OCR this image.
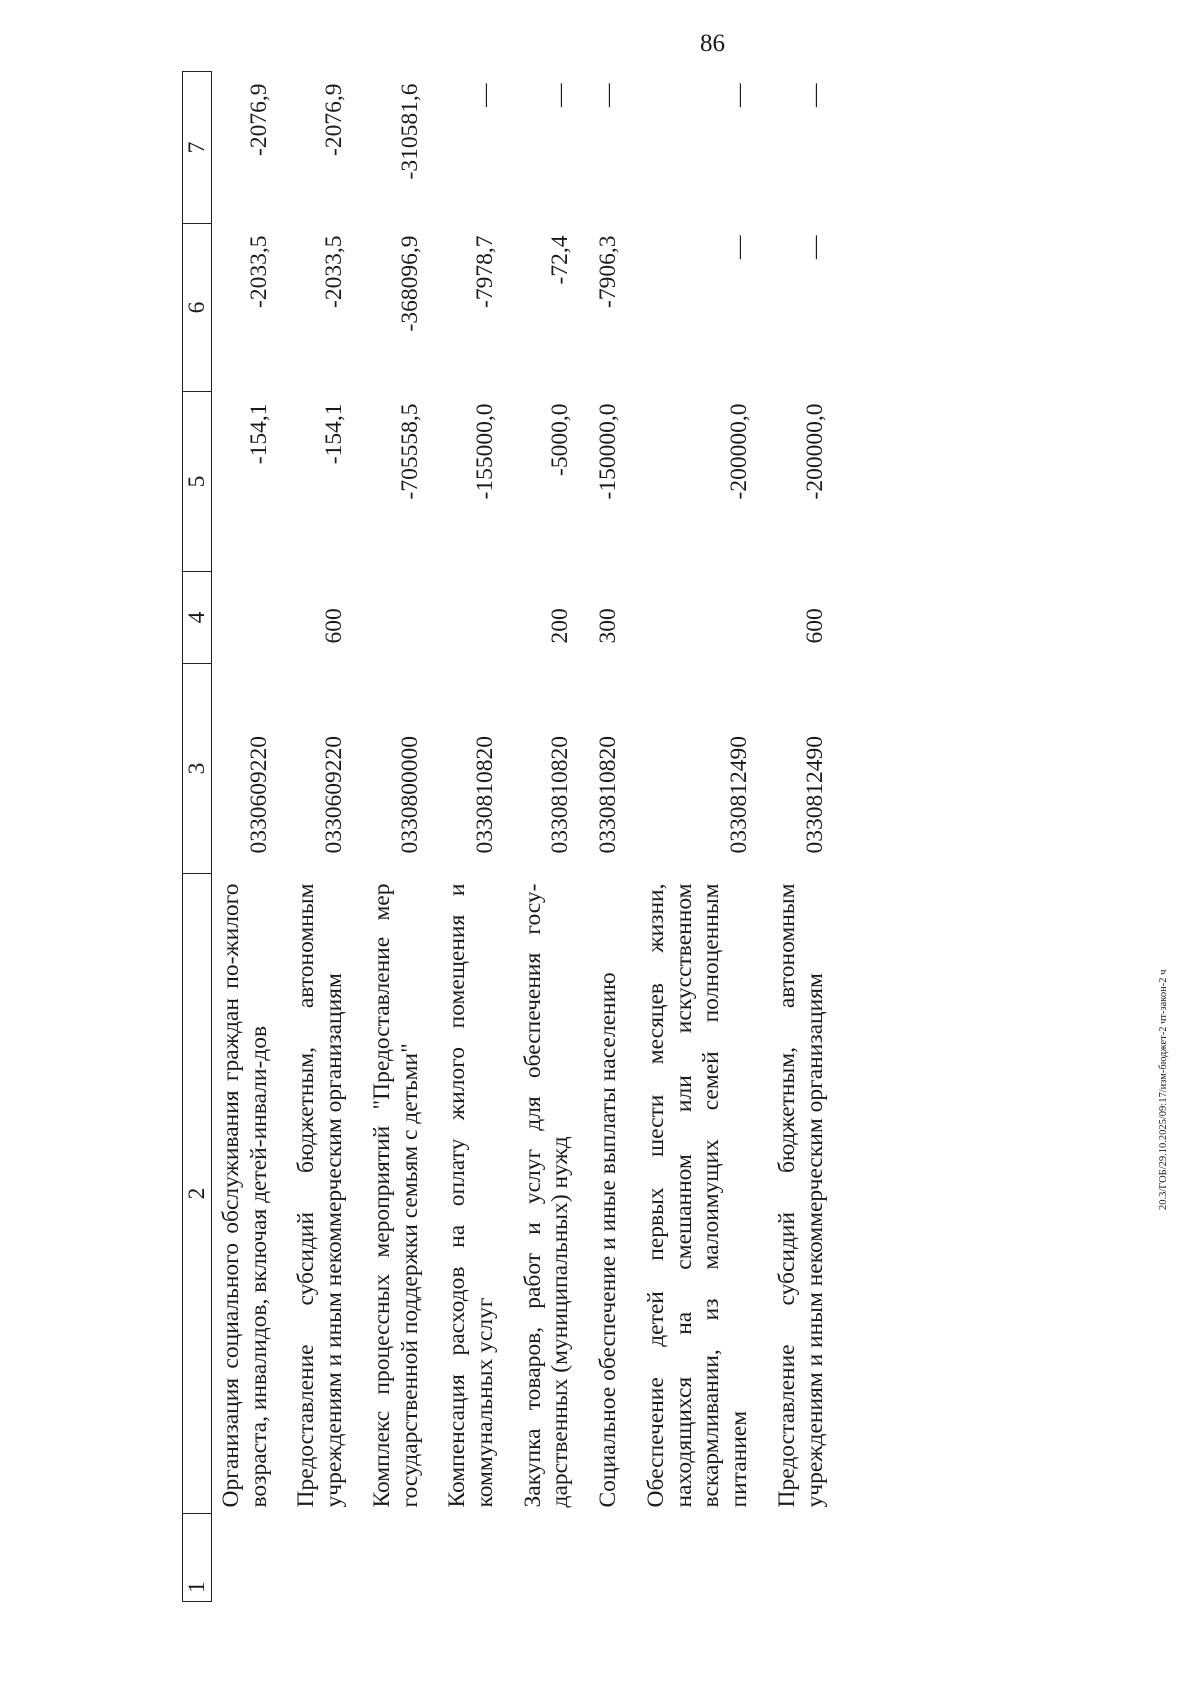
86
20.3/ГОБ/29.10.2025/09:17/изм-бюджет-2 чт-закон-2 ч
1	2	3	4	5	6	7
	Организация социального обслуживания граждан по-жилого возраста, инвалидов, включая детей-инвали-дов	0330609220		-154,1	-2033,5	-2076,9
	Предоставление субсидий бюджетным, автономным учреждениям и иным некоммерческим организациям	0330609220	600	-154,1	-2033,5	-2076,9
	Комплекс процессных мероприятий "Предоставление мер государственной поддержки семьям с детьми"	0330800000		-705558,5	-368096,9	-310581,6
	Компенсация расходов на оплату жилого помещения и коммунальных услуг	0330810820		-155000,0	-7978,7	—
	Закупка товаров, работ и услуг для обеспечения госу-дарственных (муниципальных) нужд	0330810820	200	-5000,0	-72,4	—
	Социальное обеспечение и иные выплаты населению	0330810820	300	-150000,0	-7906,3	—
	Обеспечение детей первых шести месяцев жизни, находящихся на смешанном или искусственном вскармливании, из малоимущих семей полноценным питанием	0330812490		-200000,0	—	—
	Предоставление субсидий бюджетным, автономным учреждениям и иным некоммерческим организациям	0330812490	600	-200000,0	—	—
